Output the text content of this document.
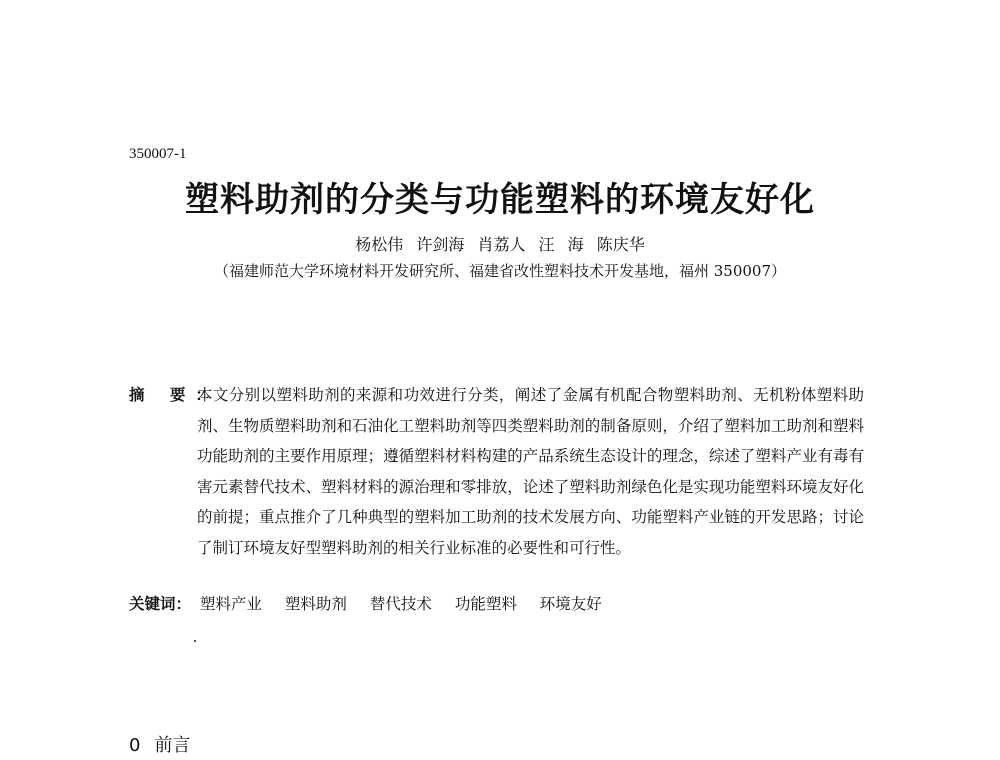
350007-1
塑料助剂的分类与功能塑料的环境友好化
杨松伟 许剑海 肖荔人 汪 海 陈庆华
（福建师范大学环境材料开发研究所、福建省改性塑料技术开发基地，福州 350007）
摘 要：
本文分别以塑料助剂的来源和功效进行分类，阐述了金属有机配合物塑料助剂、无机粉体塑料助剂、生物质塑料助剂和石油化工塑料助剂等四类塑料助剂的制备原则，介绍了塑料加工助剂和塑料功能助剂的主要作用原理；遵循塑料材料构建的产品系统生态设计的理念，综述了塑料产业有毒有害元素替代技术、塑料材料的源治理和零排放，论述了塑料助剂绿色化是实现功能塑料环境友好化的前提；重点推介了几种典型的塑料加工助剂的技术发展方向、功能塑料产业链的开发思路；讨论了制订环境友好型塑料助剂的相关行业标准的必要性和可行性。
关键词： 塑料产业 塑料助剂 替代技术 功能塑料 环境友好
0 前言
